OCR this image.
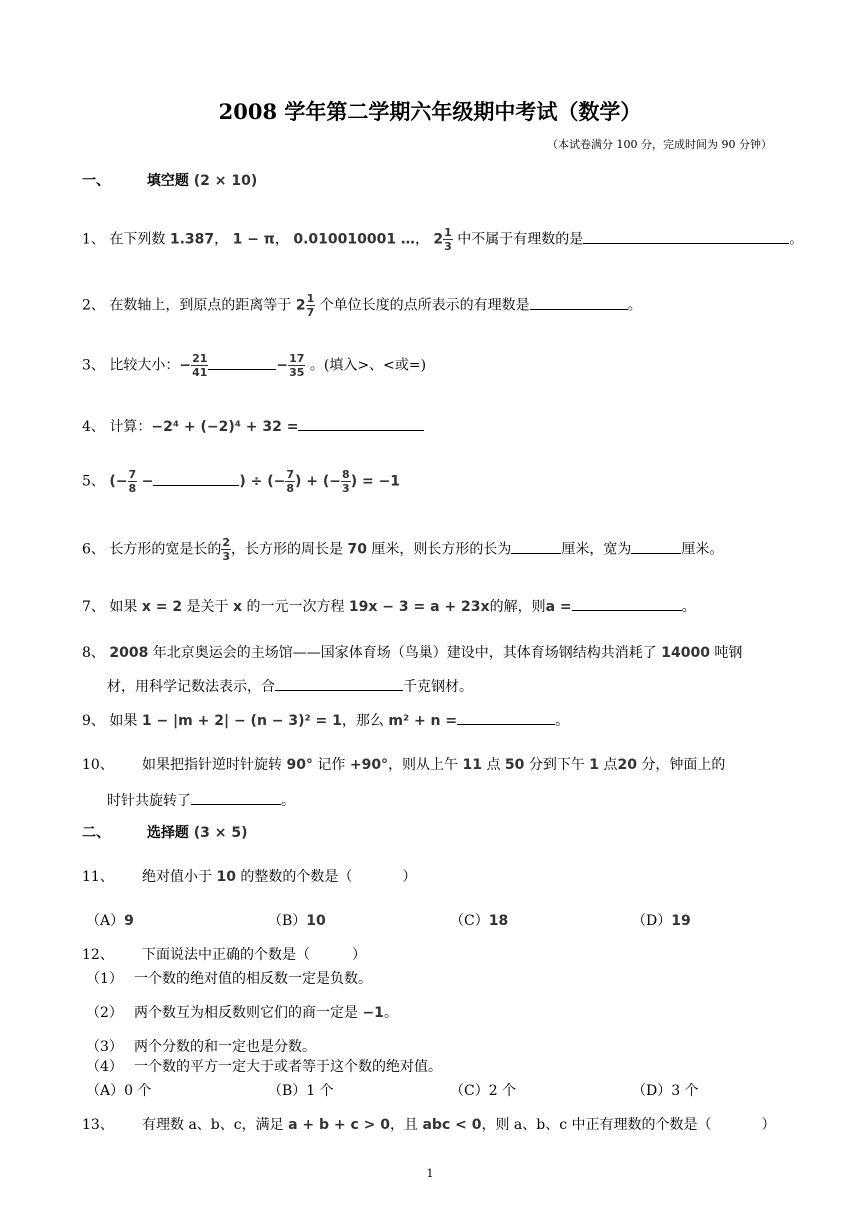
2008 学年第二学期六年级期中考试（数学）
（本试卷满分 100 分，完成时间为 90 分钟）
一、	填空题 (2 × 10)
1、 在下列数 1.387， 1 − π， 0.010010001 …， $2 \frac{1}{3}$ 中不属于有理数的是	。
2、 在数轴上，到原点的距离等于 $2 \frac{1}{7}$ 个单位长度的点所表示的有理数是	。
3、 比较大小：− $\frac{21}{41}$	− $\frac{17}{35}$ 。(填入>、<或=)
4、 计算：−2⁴ + (−2)⁴ + 32 =
5、 (− $\frac{7}{8}$ −	) ÷ (− $\frac{7}{8}$ ) + (− $\frac{8}{3}$ ) = −1
6、 长方形的宽是长的 $\frac{2}{3}$ ，长方形的周长是 70 厘米，则长方形的长为	厘米，宽为	厘米。
7、 如果 x = 2 是关于 x 的一元一次方程 19x − 3 = a + 23x的解，则a =	。
8、 2008 年北京奥运会的主场馆——国家体育场（鸟巢）建设中，其体育场钢结构共消耗了 14000 吨钢
材，用科学记数法表示，合	千克钢材。
9、 如果 1 − |m + 2| − (n − 3)² = 1，那么 m² + n =	。
10、 如果把指针逆时针旋转 90° 记作 +90°，则从上午 11 点 50 分到下午 1 点20 分，钟面上的
时针共旋转了	。
二、	选择题 (3 × 5)
11、 绝对值小于 10 的整数的个数是（	）
（A）9	（B）10	（C）18	（D）19
12、 下面说法中正确的个数是（	）
（1） 一个数的绝对值的相反数一定是负数。
（2） 两个数互为相反数则它们的商一定是 −1。
（3） 两个分数的和一定也是分数。
（4） 一个数的平方一定大于或者等于这个数的绝对值。
（A）0 个	（B）1 个	（C）2 个	（D）3 个
13、 有理数 a、b、c，满足 a + b + c > 0，且 abc < 0，则 a、b、c 中正有理数的个数是（	）
1
